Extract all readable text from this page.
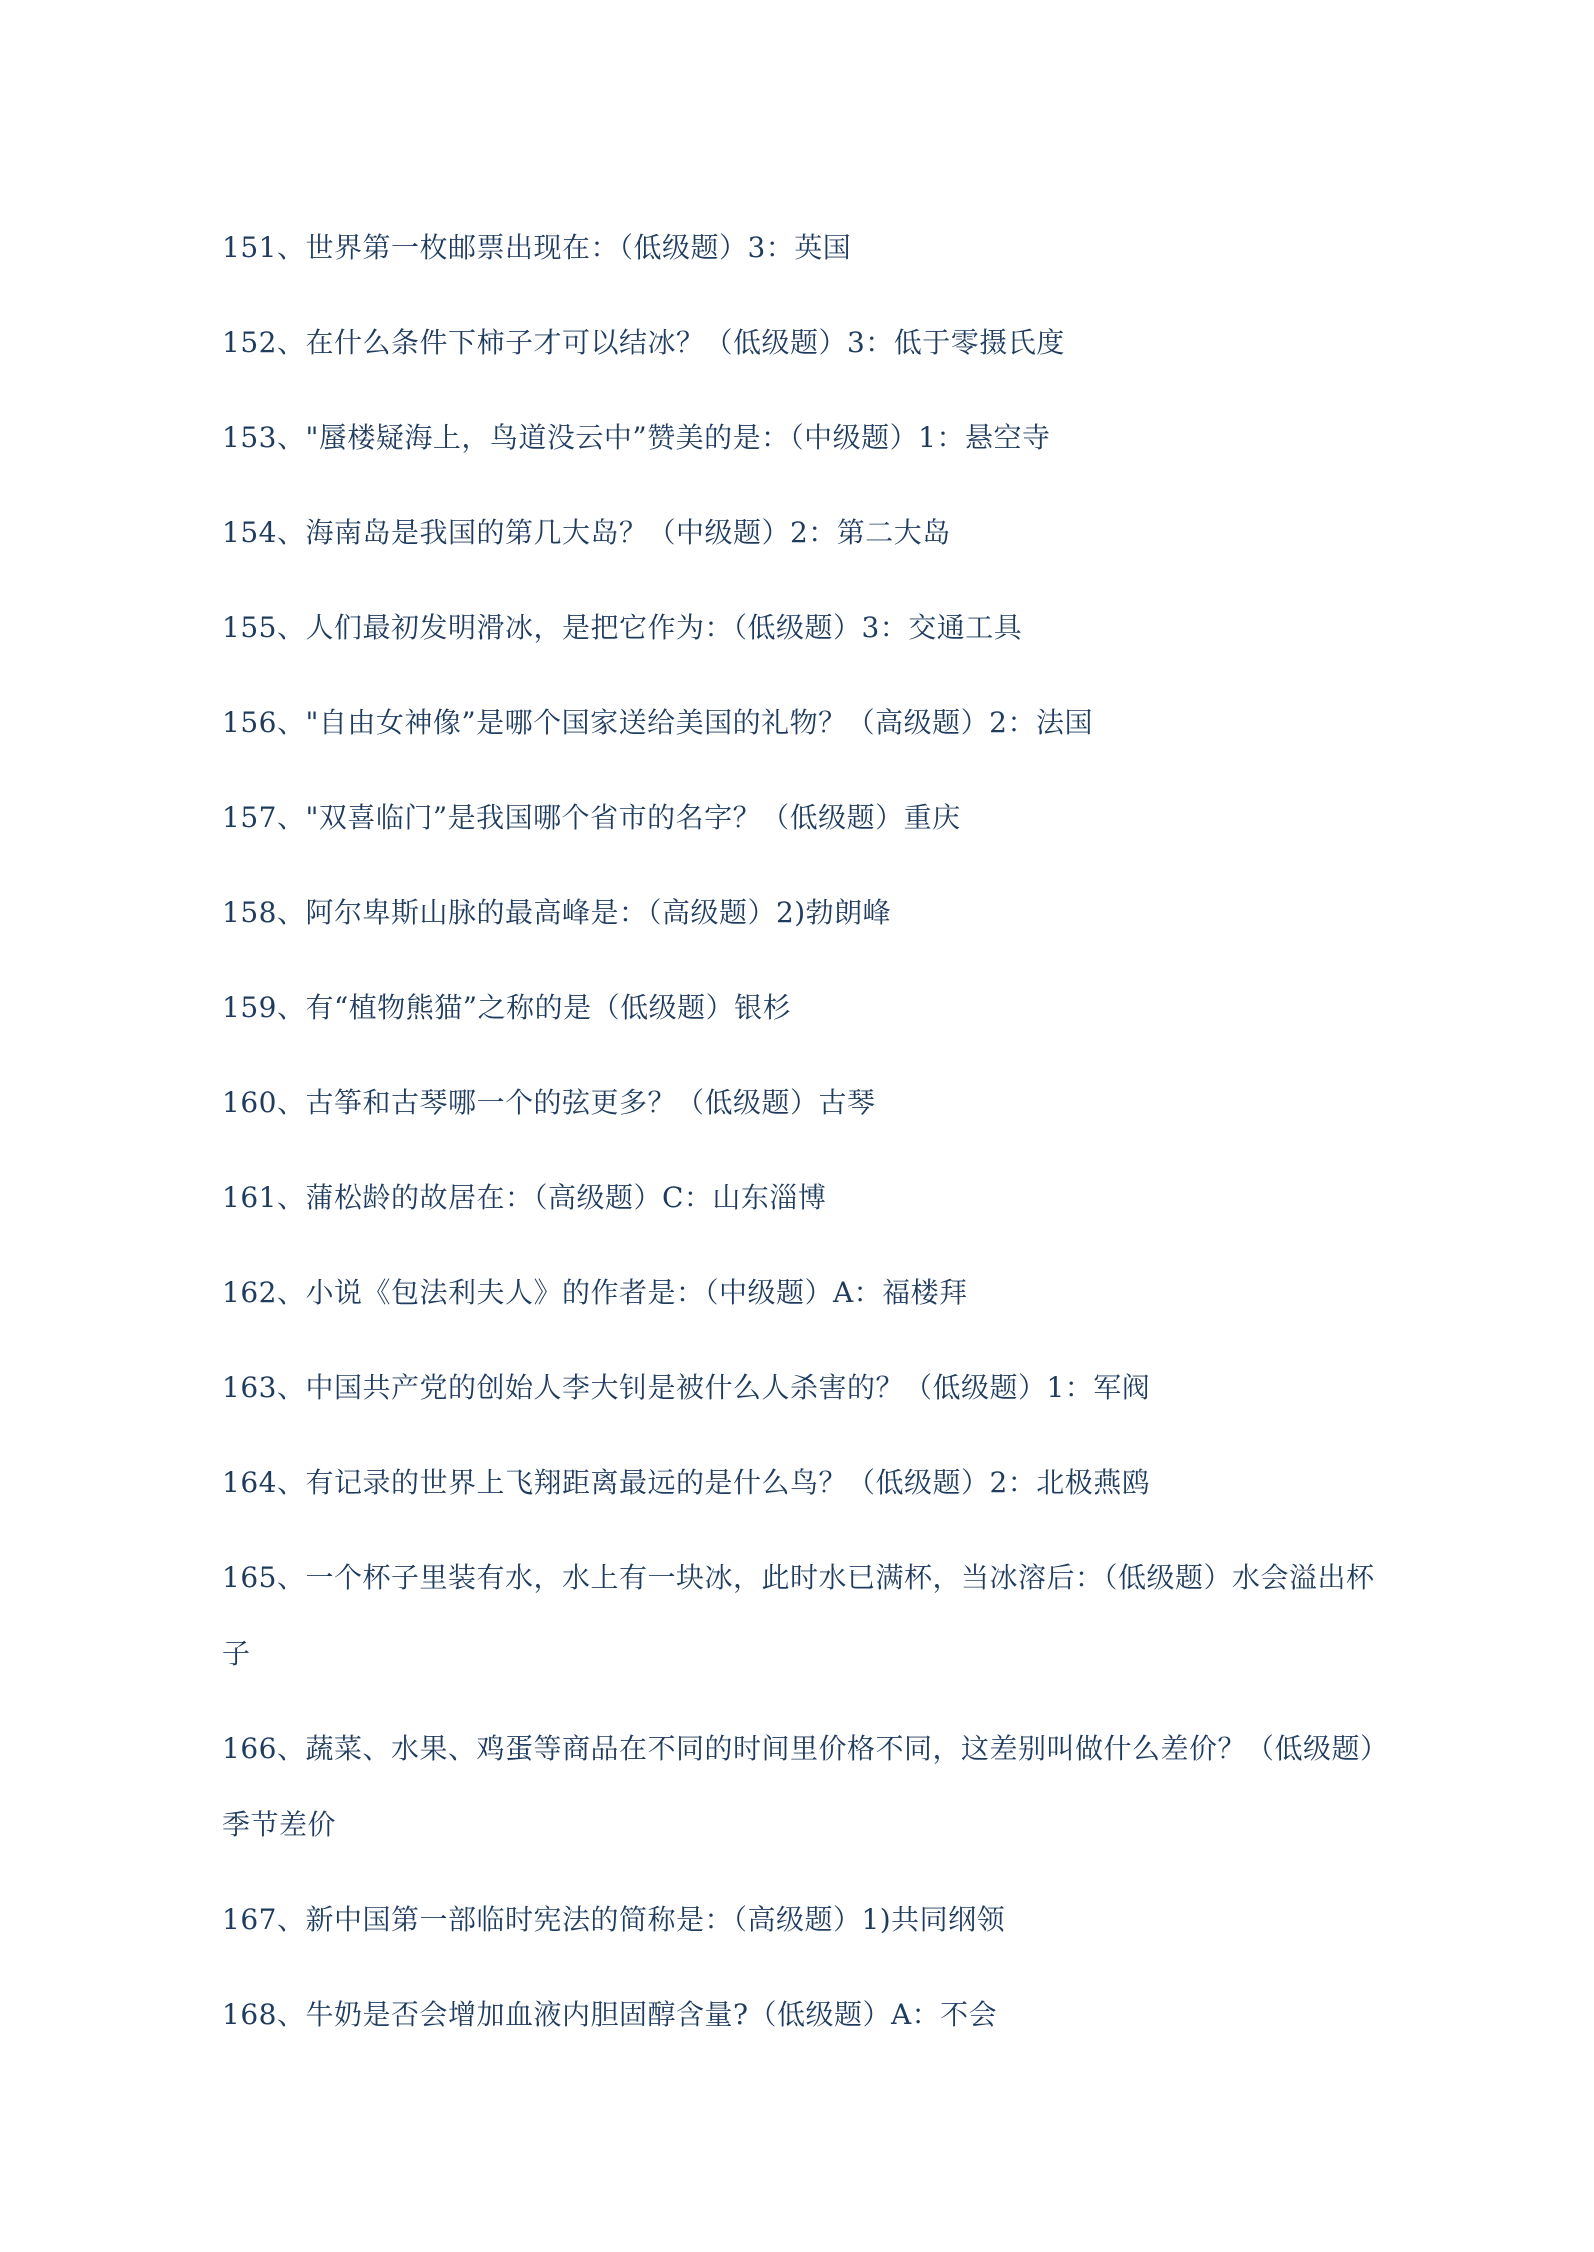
151、世界第一枚邮票出现在：（低级题）3：英国
152、在什么条件下柿子才可以结冰？（低级题）3：低于零摄氏度
153、"蜃楼疑海上，鸟道没云中”赞美的是：（中级题）1：悬空寺
154、海南岛是我国的第几大岛？（中级题）2：第二大岛
155、人们最初发明滑冰，是把它作为：（低级题）3：交通工具
156、"自由女神像”是哪个国家送给美国的礼物？（高级题）2：法国
157、"双喜临门”是我国哪个省市的名字？（低级题）重庆
158、阿尔卑斯山脉的最高峰是：（高级题）2)勃朗峰
159、有“植物熊猫”之称的是（低级题）银杉
160、古筝和古琴哪一个的弦更多？（低级题）古琴
161、蒲松龄的故居在：（高级题）C：山东淄博
162、小说《包法利夫人》的作者是：（中级题）A：福楼拜
163、中国共产党的创始人李大钊是被什么人杀害的？（低级题）1：军阀
164、有记录的世界上飞翔距离最远的是什么鸟？（低级题）2：北极燕鸥
165、一个杯子里装有水，水上有一块冰，此时水已满杯，当冰溶后：（低级题）水会溢出杯子
166、蔬菜、水果、鸡蛋等商品在不同的时间里价格不同，这差别叫做什么差价？（低级题）季节差价
167、新中国第一部临时宪法的简称是：（高级题）1)共同纲领
168、牛奶是否会增加血液内胆固醇含量?（低级题）A：不会
